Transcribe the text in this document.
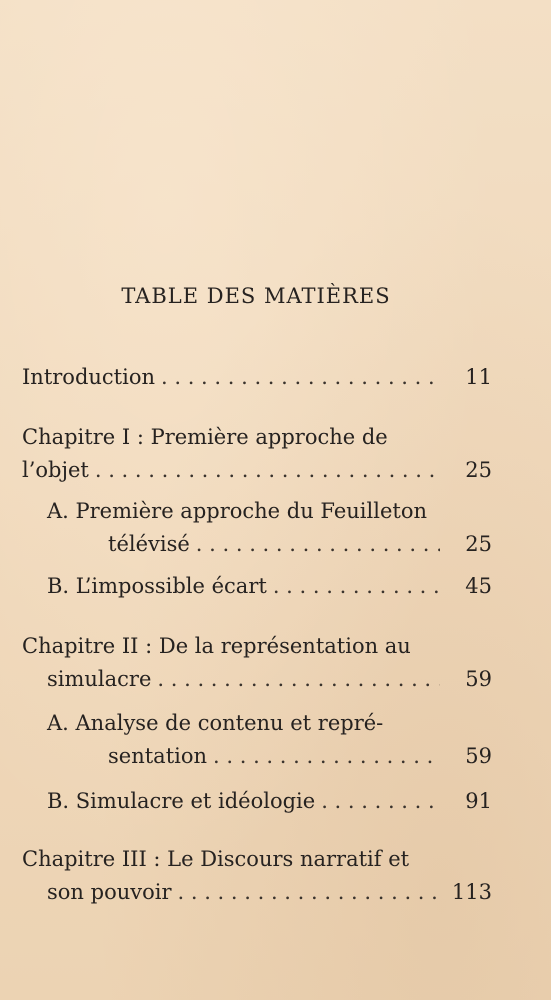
TABLE DES MATIÈRES
Introduction . . .	11
Chapitre I : Première approche de
l’objet . . .	25
A. Première approche du Feuilleton
télévisé . . .	25
B. L’impossible écart . . .	45
Chapitre II : De la représentation au
simulacre . . .	59
A. Analyse de contenu et repré-
sentation . . .	59
B. Simulacre et idéologie . . .	91
Chapitre III : Le Discours narratif et
son pouvoir . . .	113
